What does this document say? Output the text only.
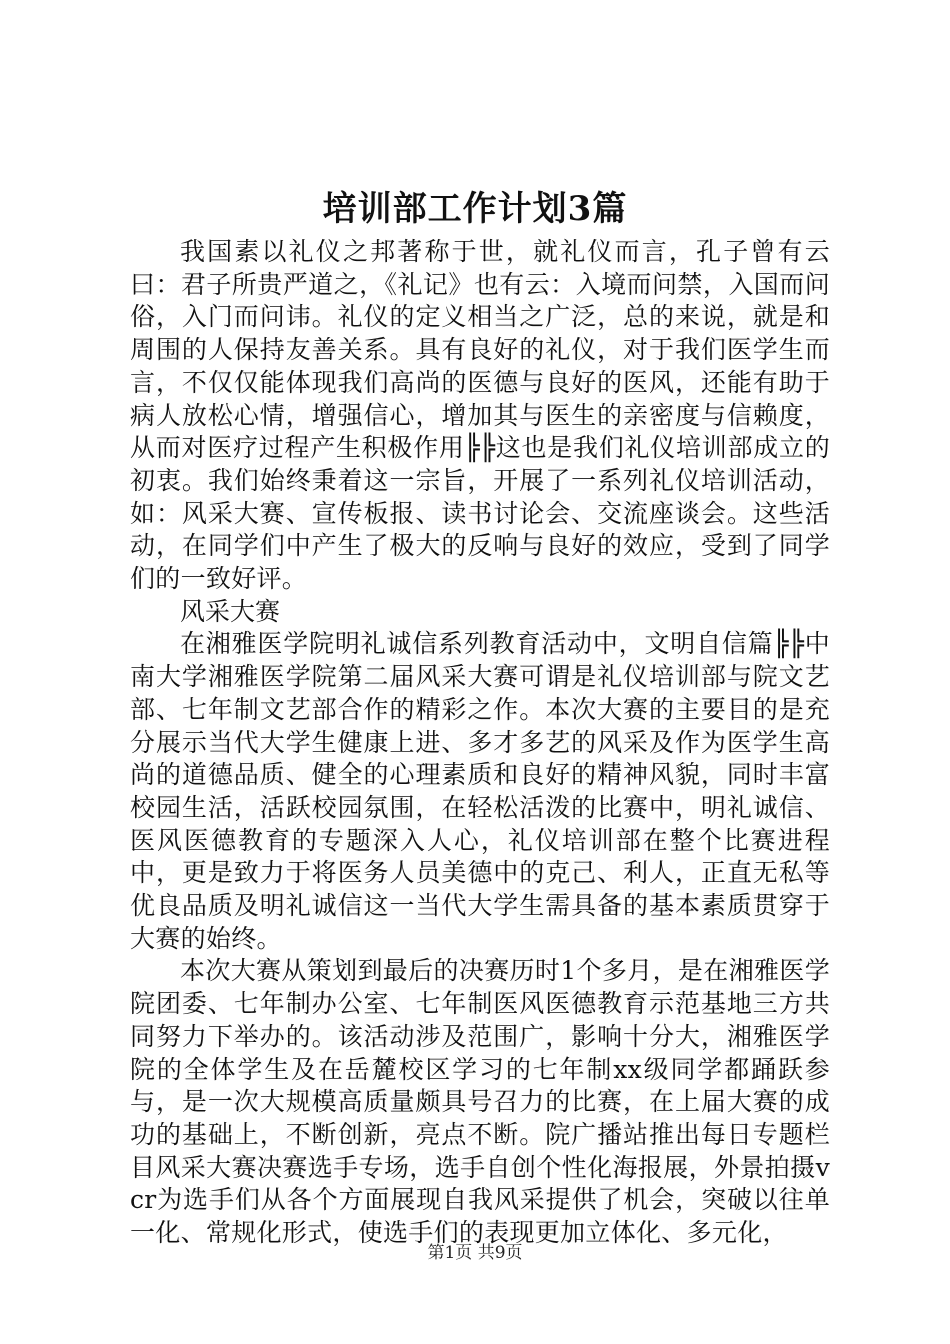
培训部工作计划3篇

我国素以礼仪之邦著称于世，就礼仪而言，孔子曾有云曰：君子所贵严道之，《礼记》也有云：入境而问禁，入国而问俗，入门而问讳。礼仪的定义相当之广泛，总的来说，就是和周围的人保持友善关系。具有良好的礼仪，对于我们医学生而言，不仅仅能体现我们高尚的医德与良好的医风，还能有助于病人放松心情，增强信心，增加其与医生的亲密度与信赖度，从而对医疗过程产生积极作用╠╠这也是我们礼仪培训部成立的初衷。我们始终秉着这一宗旨，开展了一系列礼仪培训活动，如：风采大赛、宣传板报、读书讨论会、交流座谈会。这些活动，在同学们中产生了极大的反响与良好的效应，受到了同学们的一致好评。

风采大赛

在湘雅医学院明礼诚信系列教育活动中，文明自信篇╠╠中南大学湘雅医学院第二届风采大赛可谓是礼仪培训部与院文艺部、七年制文艺部合作的精彩之作。本次大赛的主要目的是充分展示当代大学生健康上进、多才多艺的风采及作为医学生高尚的道德品质、健全的心理素质和良好的精神风貌，同时丰富校园生活，活跃校园氛围，在轻松活泼的比赛中，明礼诚信、医风医德教育的专题深入人心，礼仪培训部在整个比赛进程中，更是致力于将医务人员美德中的克己、利人，正直无私等优良品质及明礼诚信这一当代大学生需具备的基本素质贯穿于大赛的始终。

本次大赛从策划到最后的决赛历时1个多月，是在湘雅医学院团委、七年制办公室、七年制医风医德教育示范基地三方共同努力下举办的。该活动涉及范围广，影响十分大，湘雅医学院的全体学生及在岳麓校区学习的七年制xx级同学都踊跃参与，是一次大规模高质量颇具号召力的比赛，在上届大赛的成功的基础上，不断创新，亮点不断。院广播站推出每日专题栏目风采大赛决赛选手专场，选手自创个性化海报展，外景拍摄vcr为选手们从各个方面展现自我风采提供了机会，突破以往单一化、常规化形式，使选手们的表现更加立体化、多元化，

第1页 共9页
